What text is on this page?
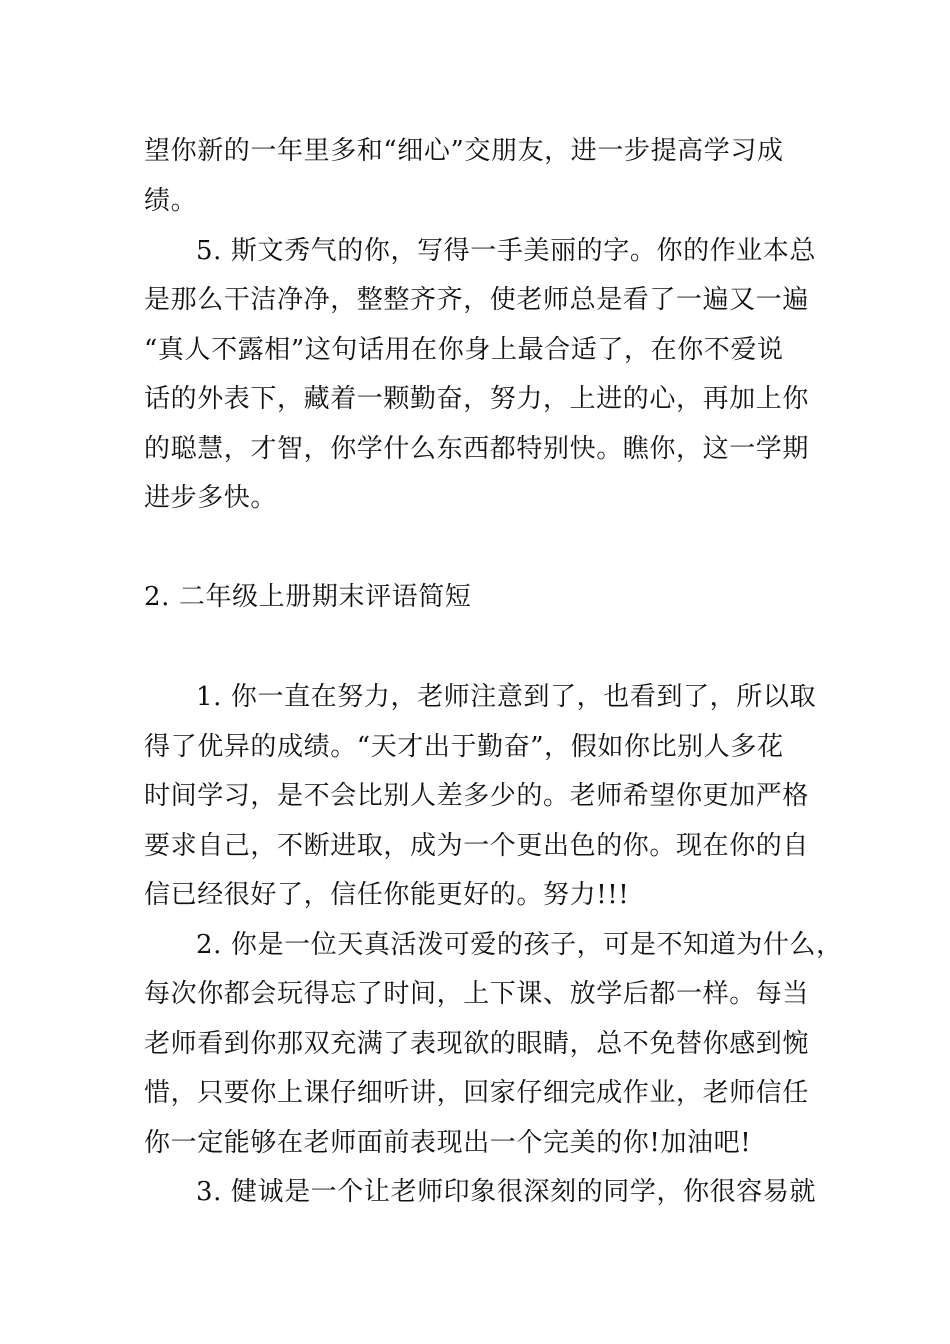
望你新的一年里多和“细心”交朋友，进一步提高学习成
绩。
5. 斯文秀气的你，写得一手美丽的字。你的作业本总
是那么干洁净净，整整齐齐，使老师总是看了一遍又一遍
“真人不露相”这句话用在你身上最合适了，在你不爱说
话的外表下，藏着一颗勤奋，努力，上进的心，再加上你
的聪慧，才智，你学什么东西都特别快。瞧你，这一学期
进步多快。
2. 二年级上册期末评语简短
1. 你一直在努力，老师注意到了，也看到了，所以取
得了优异的成绩。“天才出于勤奋”，假如你比别人多花
时间学习，是不会比别人差多少的。老师希望你更加严格
要求自己，不断进取，成为一个更出色的你。现在你的自
信已经很好了，信任你能更好的。努力!!!
2. 你是一位天真活泼可爱的孩子，可是不知道为什么，
每次你都会玩得忘了时间，上下课、放学后都一样。每当
老师看到你那双充满了表现欲的眼睛，总不免替你感到惋
惜，只要你上课仔细听讲，回家仔细完成作业，老师信任
你一定能够在老师面前表现出一个完美的你!加油吧!
3. 健诚是一个让老师印象很深刻的同学，你很容易就
